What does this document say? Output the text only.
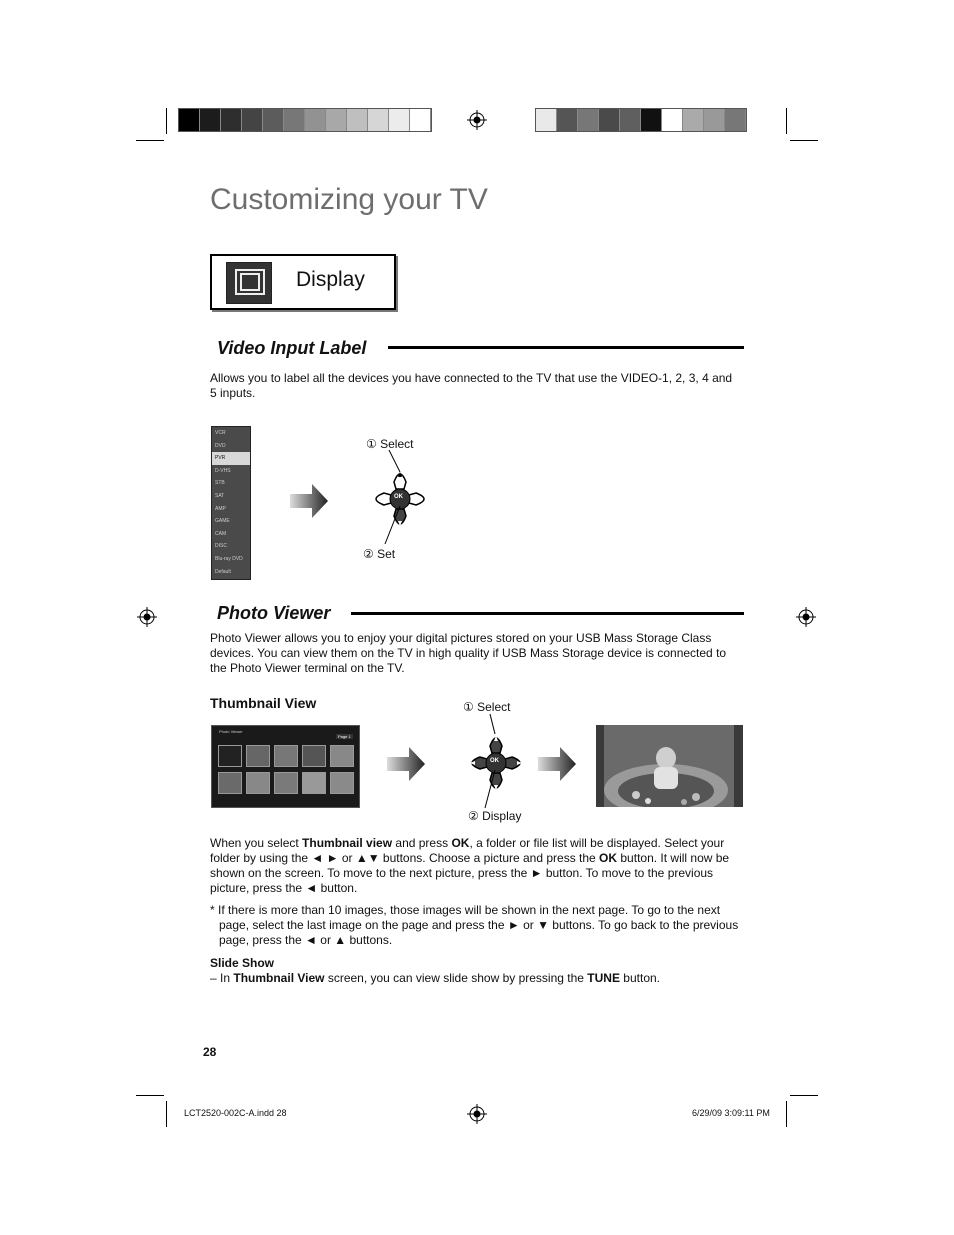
Customizing your TV
Display
Video Input Label

Allows you to label all the devices you have connected to the TV that use the VIDEO-1, 2, 3, 4 and 5 inputs.

VCR
DVD
PVR
D-VHS
STB
SAT
AMP
GAME
CAM
DISC
Blu-ray DVD
Default
OK
① Select
② Set
Photo Viewer

Photo Viewer allows you to enjoy your digital pictures stored on your USB Mass Storage Class devices. You can view them on the TV in high quality if USB Mass Storage device is connected to the Photo Viewer terminal on the TV.

Thumbnail View
Photo Viewer
Page 1
OK
① Select
② Display

When you select Thumbnail view and press OK, a folder or file list will be displayed. Select your folder by using the ◄ ► or ▲▼ buttons. Choose a picture and press the OK button. It will now be shown on the screen. To move to the next picture, press the ► button. To move to the previous picture, press the ◄ button.

* If there is more than 10 images, those images will be shown in the next page. To go to the next page, select the last image on the page and press the ► or ▼ buttons. To go back to the previous page, press the ◄ or ▲ buttons.

Slide Show

– In Thumbnail View screen, you can view slide show by pressing the TUNE button.

28
LCT2520-002C-A.indd 28	6/29/09 3:09:11 PM
